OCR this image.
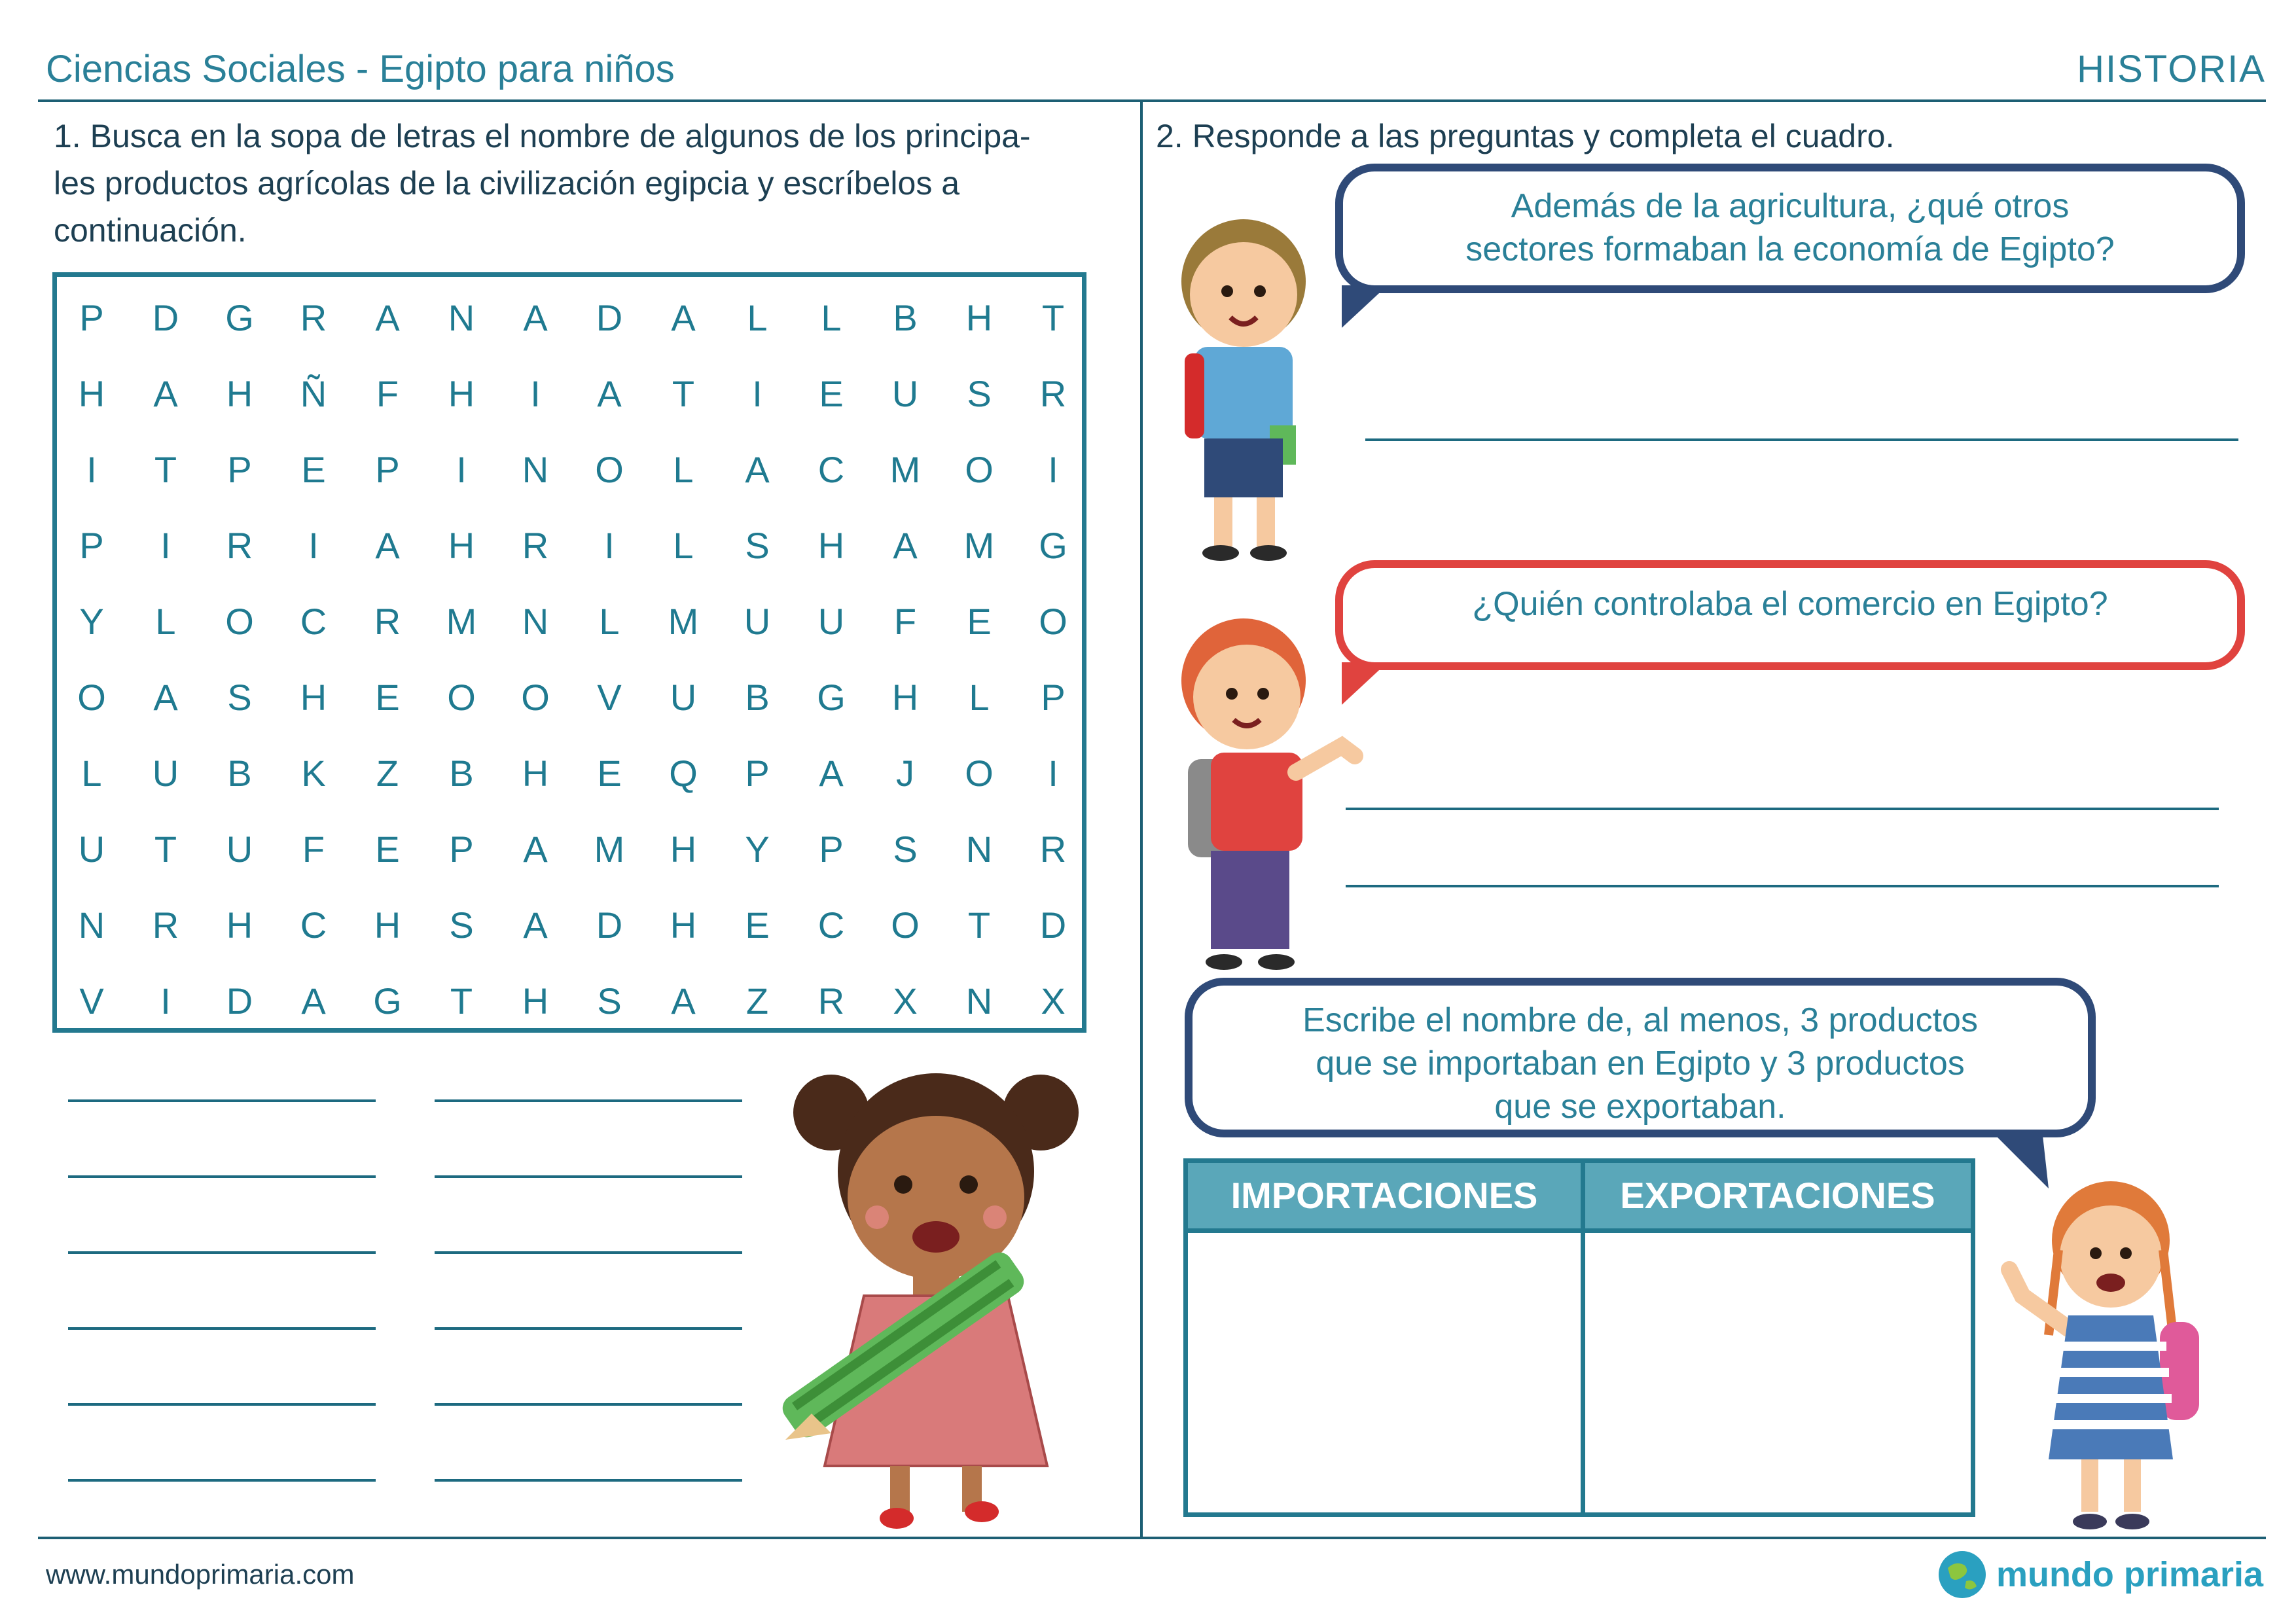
Ciencias Sociales - Egipto para niños	HISTORIA
1. Busca en la sopa de letras el nombre de algunos de los principa-
les productos agrícolas de la civilización egipcia y escríbelos a
continuación.
P	D	G	R	A	N	A	D	A	L	L	B	H	T
H	A	H	Ñ	F	H	I	A	T	I	E	U	S	R
I	T	P	E	P	I	N	O	L	A	C	M	O	I
P	I	R	I	A	H	R	I	L	S	H	A	M	G
Y	L	O	C	R	M	N	L	M	U	U	F	E	O
O	A	S	H	E	O	O	V	U	B	G	H	L	P
L	U	B	K	Z	B	H	E	Q	P	A	J	O	I
U	T	U	F	E	P	A	M	H	Y	P	S	N	R
N	R	H	C	H	S	A	D	H	E	C	O	T	D
V	I	D	A	G	T	H	S	A	Z	R	X	N	X
2. Responde a las preguntas y completa el cuadro.
Además de la agricultura, ¿qué otros
sectores formaban la economía de Egipto?
¿Quién controlaba el comercio en Egipto?
Escribe el nombre de, al menos, 3 productos
que se importaban en Egipto y 3 productos
que se exportaban.
IMPORTACIONES	EXPORTACIONES
www.mundoprimaria.com	mundo primaria
